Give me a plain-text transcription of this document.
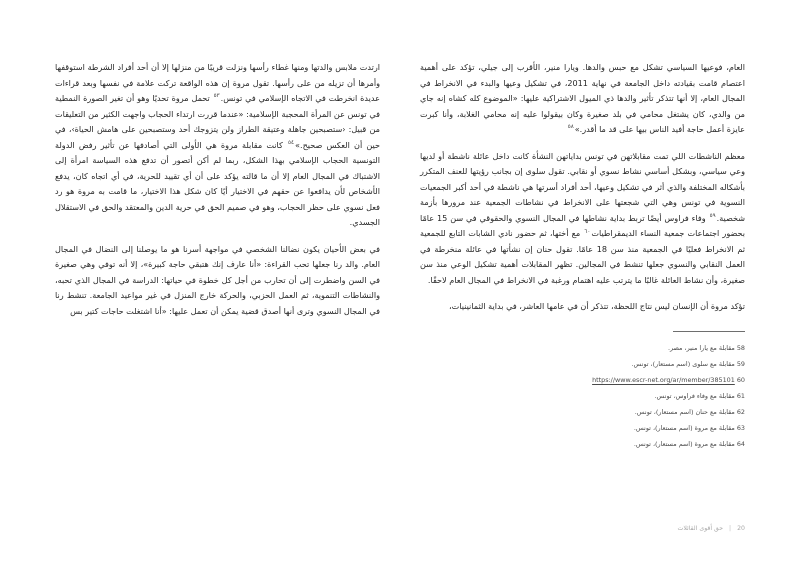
العام، فوعيها السياسي تشكل مع حبس والدها. ويارا منير، الأقرب إلى جيلي، تؤكد على أهمية اعتصام قامت بقيادته داخل الجامعة في نهاية 2011، في تشكيل وعيها والبدء في الانخراط في المجال العام، إلا أنها تتذكر تأثير والدها ذي الميول الاشتراكية عليها: «الموضوع كله كشاه إنه جاي من والدي، كان يشتغل محامي في بلد صغيرة وكان بيقولوا عليه إنه محامي الغلابة، وأنا كبرت عايزة أعمل حاجة أفيد الناس بيها على قد ما أقدر.»$^{٥٨}$

معظم الناشطات اللي تمت مقابلاتهن في تونس بداياتهن النشأة كانت داخل عائلة ناشطة أو لديها وعي سياسي، وبشكل أساسي نشاط نسوي أو نقابي. تقول سلوى إن بجانب رؤيتها للعنف المتكرر بأشكاله المختلفة والذي أثر في تشكيل وعيها، أحد أفراد أسرتها هي ناشطة في أحد أكبر الجمعيات النسوية في تونس وهي التي شجعتها على الانخراط في نشاطات الجمعية عند مرورها بأزمة شخصية.$^{٥٩}$ وفاء فراوس أيضًا تربط بداية نشاطها في المجال النسوي والحقوقي في سن 15 عامًا بحضور اجتماعات جمعية النساء الديمقراطيات$^{٦٠}$ مع أختها، ثم حضور نادي الشابات التابع للجمعية ثم الانخراط فعليًا في الجمعية منذ سن 18 عامًا. تقول حنان إن نشأتها في عائلة منخرطة في العمل النقابي والنسوي جعلها تنشط في المجالين. تظهر المقابلات أهمية تشكيل الوعي منذ سن صغيرة، وأن نشاط العائلة غالبًا ما يترتب عليه اهتمام ورغبة في الانخراط في المجال العام لاحقًا.

تؤكد مروة أن الإنسان ليس نتاج اللحظة، تتذكر أن في عامها العاشر، في بداية الثمانينيات،

58 مقابلة مع يارا منير، مصر.
59 مقابلة مع سلوى (اسم مستعار)، تونس.
60 https://www.escr-net.org/ar/member/385101
61 مقابلة مع وفاء فراوس، تونس.
62 مقابلة مع حنان (اسم مستعار)، تونس.
63 مقابلة مع مروة (اسم مستعار)، تونس.
64 مقابلة مع مروة (اسم مستعار)، تونس.

ارتدت ملابس والدتها ومنها غطاء رأسها ونزلت قريبًا من منزلها إلا أن أحد أفراد الشرطة استوقفها وأمرها أن تزيله من على رأسها. تقول مروة إن هذه الواقعة تركت علامة في نفسها وبعد قراءات عديدة انخرطت في الاتجاه الإسلامي في تونس.$^{٥٣}$ تحمل مروة تحديًا وهو أن تغير الصورة النمطية في تونس عن المرأة المحجبة الإسلامية: «عندما قررت ارتداء الحجاب واجهت الكثير من التعليقات من قبيل: ‹ستصبحين جاهلة وعتيقة الطراز ولن يتزوجك أحد وستصبحين على هامش الحياة›، في حين أن العكس صحيح.»$^{٥٤}$ كانت مقابلة مروة هي الأولى التي أصادفها عن تأثير رفض الدولة التونسية الحجاب الإسلامي بهذا الشكل، ربما لم أكن أتصور أن تدفع هذه السياسة امرأة إلى الاشتباك في المجال العام إلا أن ما قالته يؤكد على أن أي تقييد للحرية، في أي اتجاه كان، يدفع الأشخاص لأن يدافعوا عن حقهم في الاختيار أيًا كان شكل هذا الاختيار، ما قامت به مروة هو رد فعل نسوي على حظر الحجاب، وهو في صميم الحق في حرية الدين والمعتقد والحق في الاستقلال الجسدي.

في بعض الأحيان يكون نضالنا الشخصي في مواجهة أسرنا هو ما يوصلنا إلى النضال في المجال العام. والد رنا جعلها تحب القراءة: «أنا عارف إنك هتبقي حاجة كبيرة»، إلا أنه توفي وهي صغيرة في السن واضطرت إلى أن تحارب من أجل كل خطوة في حياتها: الدراسة في المجال الذي تحبه، والنشاطات التنموية، ثم العمل الحزبي، والحركة خارج المنزل في غير مواعيد الجامعة. تنشط رنا في المجال النسوي وترى أنها أصدق قضية يمكن أن تعمل عليها: «أنا اشتغلت حاجات كتير بس

20
|
حق أقوى القائلات
